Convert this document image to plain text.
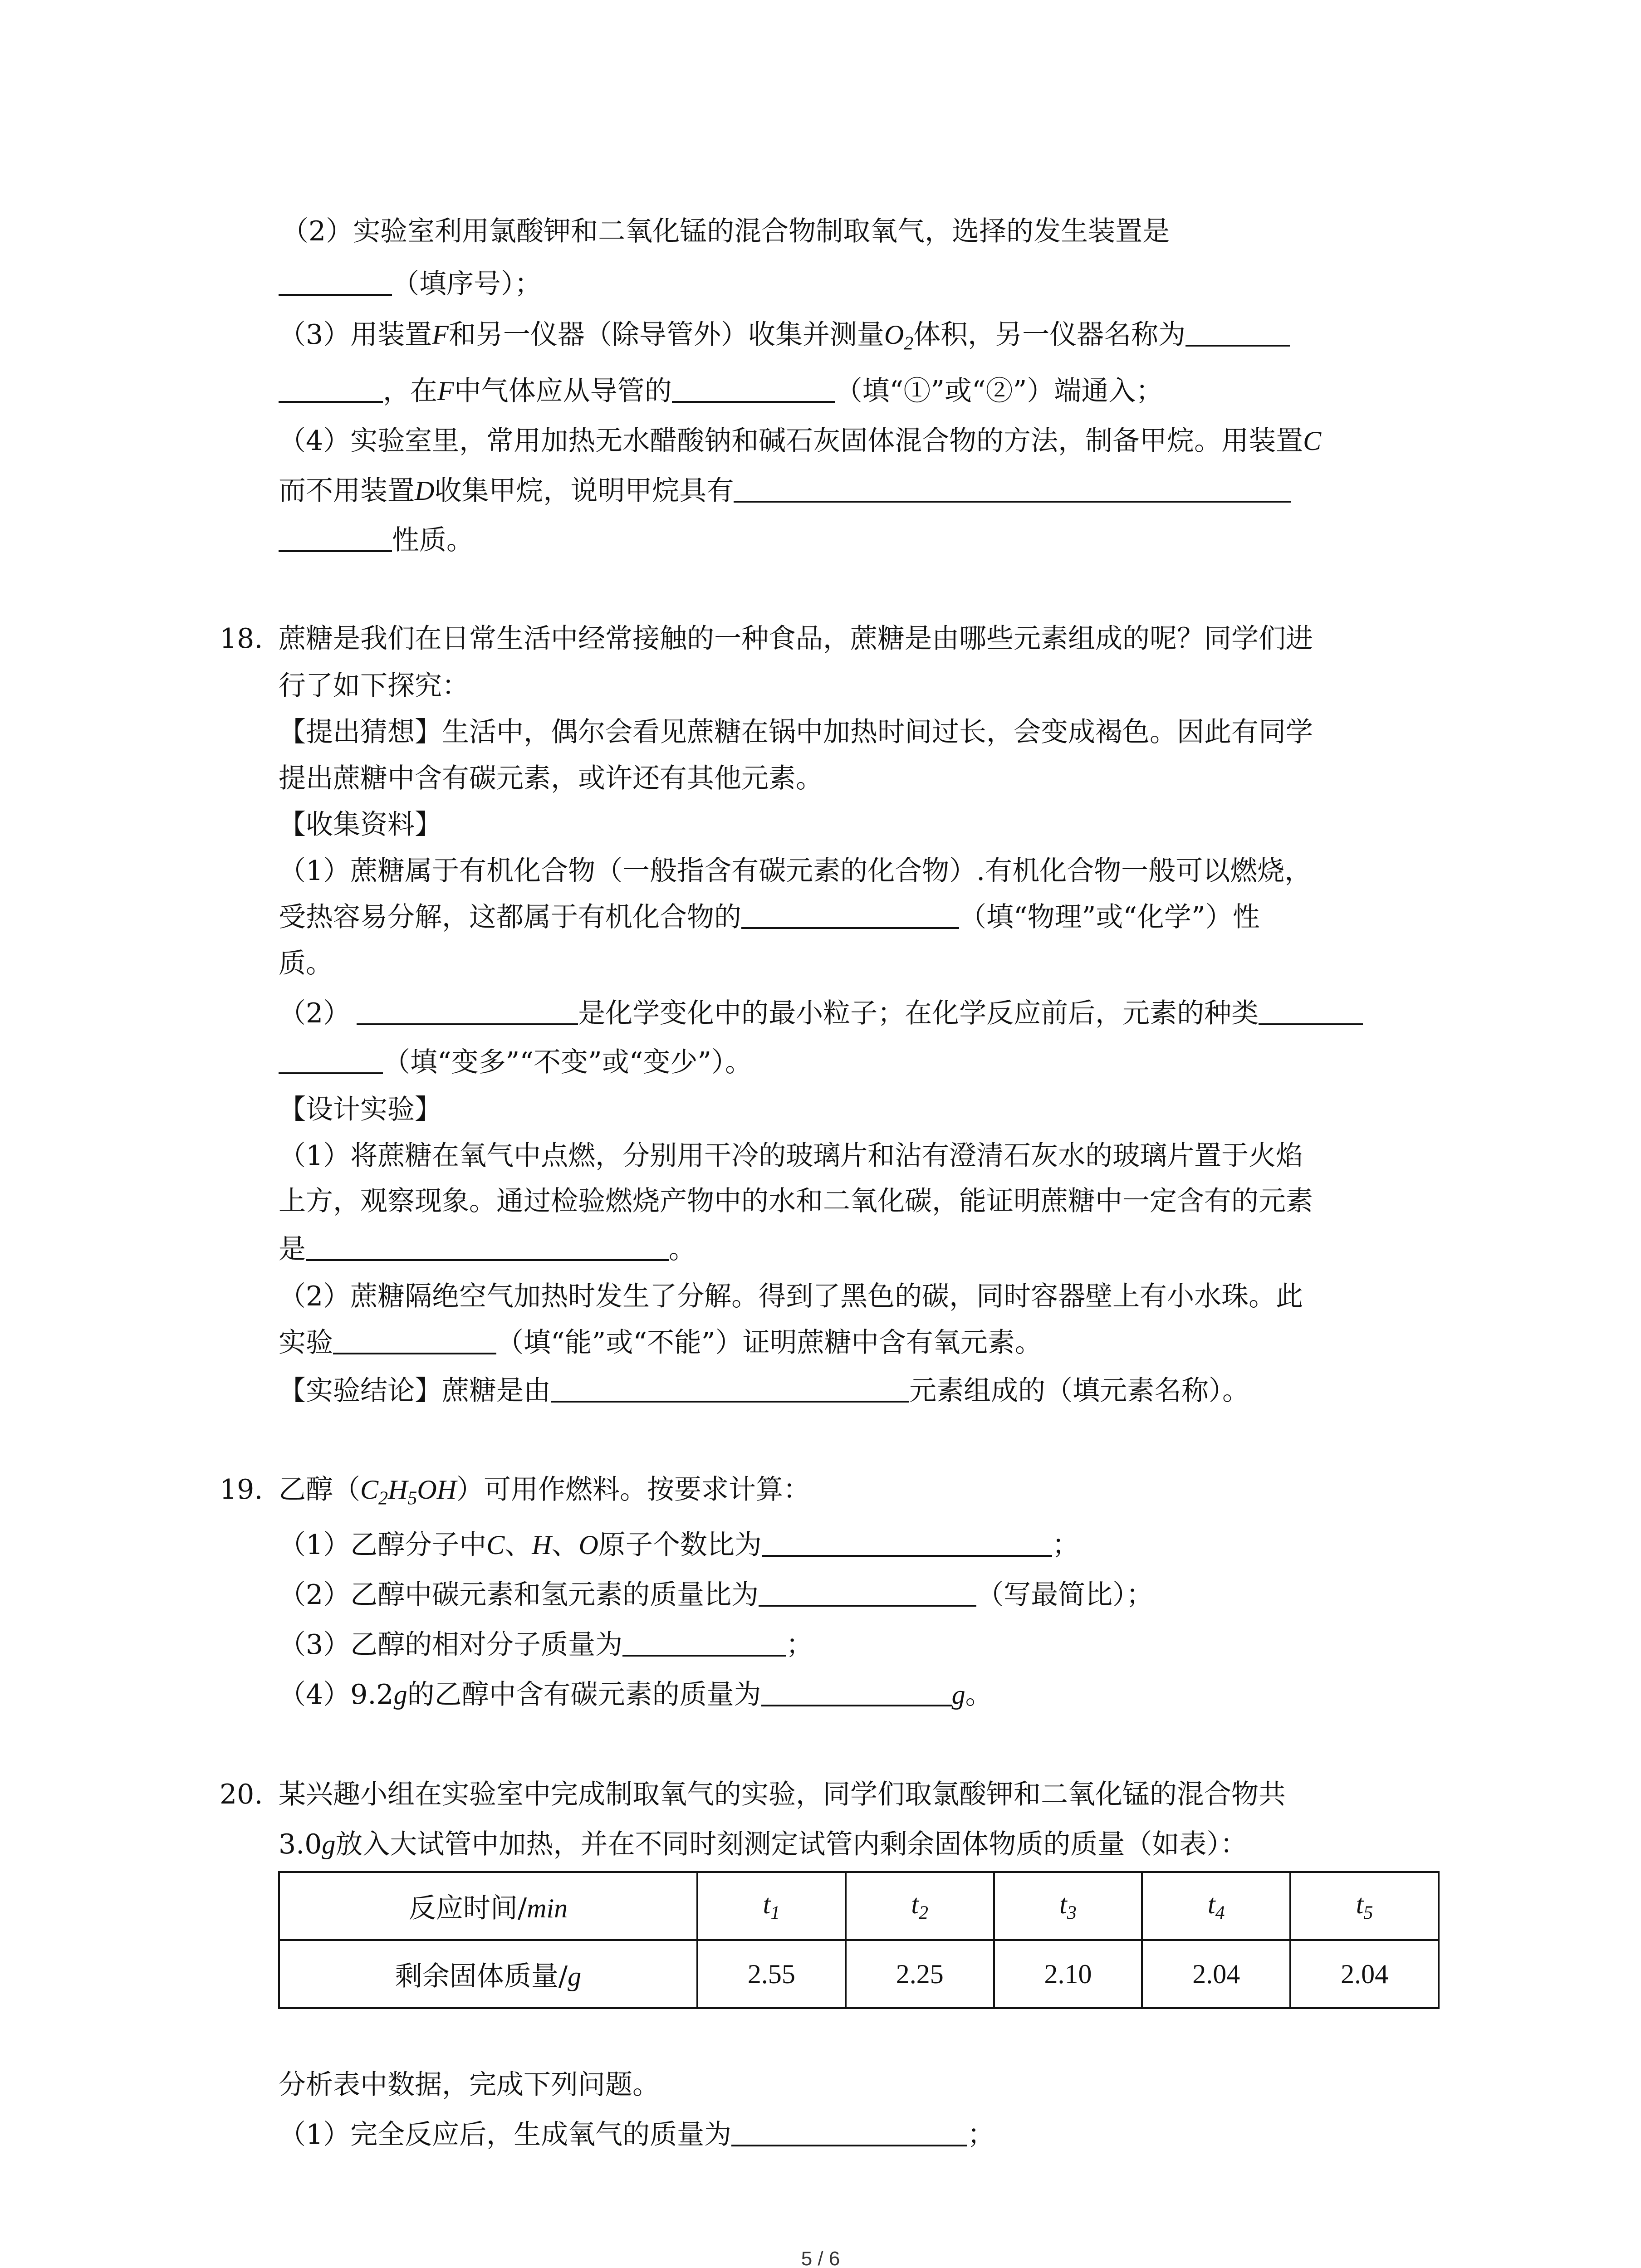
（2）实验室利用氯酸钾和二氧化锰的混合物制取氧气，选择的发生装置是
（填序号）；
（3）用装置F和另一仪器（除导管外）收集并测量$O_2$体积，另一仪器名称为
，在F中气体应从导管的	（填“①”或“②”）端通入；
（4）实验室里，常用加热无水醋酸钠和碱石灰固体混合物的方法，制备甲烷。用装置C
而不用装置D收集甲烷，说明甲烷具有
性质。
18. 蔗糖是我们在日常生活中经常接触的一种食品，蔗糖是由哪些元素组成的呢？同学们进
行了如下探究：
【提出猜想】生活中，偶尔会看见蔗糖在锅中加热时间过长，会变成褐色。因此有同学
提出蔗糖中含有碳元素，或许还有其他元素。
【收集资料】
（1）蔗糖属于有机化合物（一般指含有碳元素的化合物）.有机化合物一般可以燃烧，
受热容易分解，这都属于有机化合物的	（填“物理”或“化学”）性
质。
（2）	是化学变化中的最小粒子；在化学反应前后，元素的种类
（填“变多”“不变”或“变少”）。
【设计实验】
（1）将蔗糖在氧气中点燃，分别用干冷的玻璃片和沾有澄清石灰水的玻璃片置于火焰
上方，观察现象。通过检验燃烧产物中的水和二氧化碳，能证明蔗糖中一定含有的元素
是	。
（2）蔗糖隔绝空气加热时发生了分解。得到了黑色的碳，同时容器壁上有小水珠。此
实验	（填“能”或“不能”）证明蔗糖中含有氧元素。
【实验结论】蔗糖是由	元素组成的（填元素名称）。
19. 乙醇$(C_2H_5OH)$可用作燃料。按要求计算：
（1）乙醇分子中C、H、O原子个数比为	；
（2）乙醇中碳元素和氢元素的质量比为	（写最简比）；
（3）乙醇的相对分子质量为	；
（4）9.2g的乙醇中含有碳元素的质量为	g。
20. 某兴趣小组在实验室中完成制取氧气的实验，同学们取氯酸钾和二氧化锰的混合物共
3.0g放入大试管中加热，并在不同时刻测定试管内剩余固体物质的质量（如表）：
反应时间/min	$t_1$	$t_2$	$t_3$	$t_4$	$t_5$
剩余固体质量/g	2.55	2.25	2.10	2.04	2.04
分析表中数据，完成下列问题。
（1）完全反应后，生成氧气的质量为	；
5 / 6
